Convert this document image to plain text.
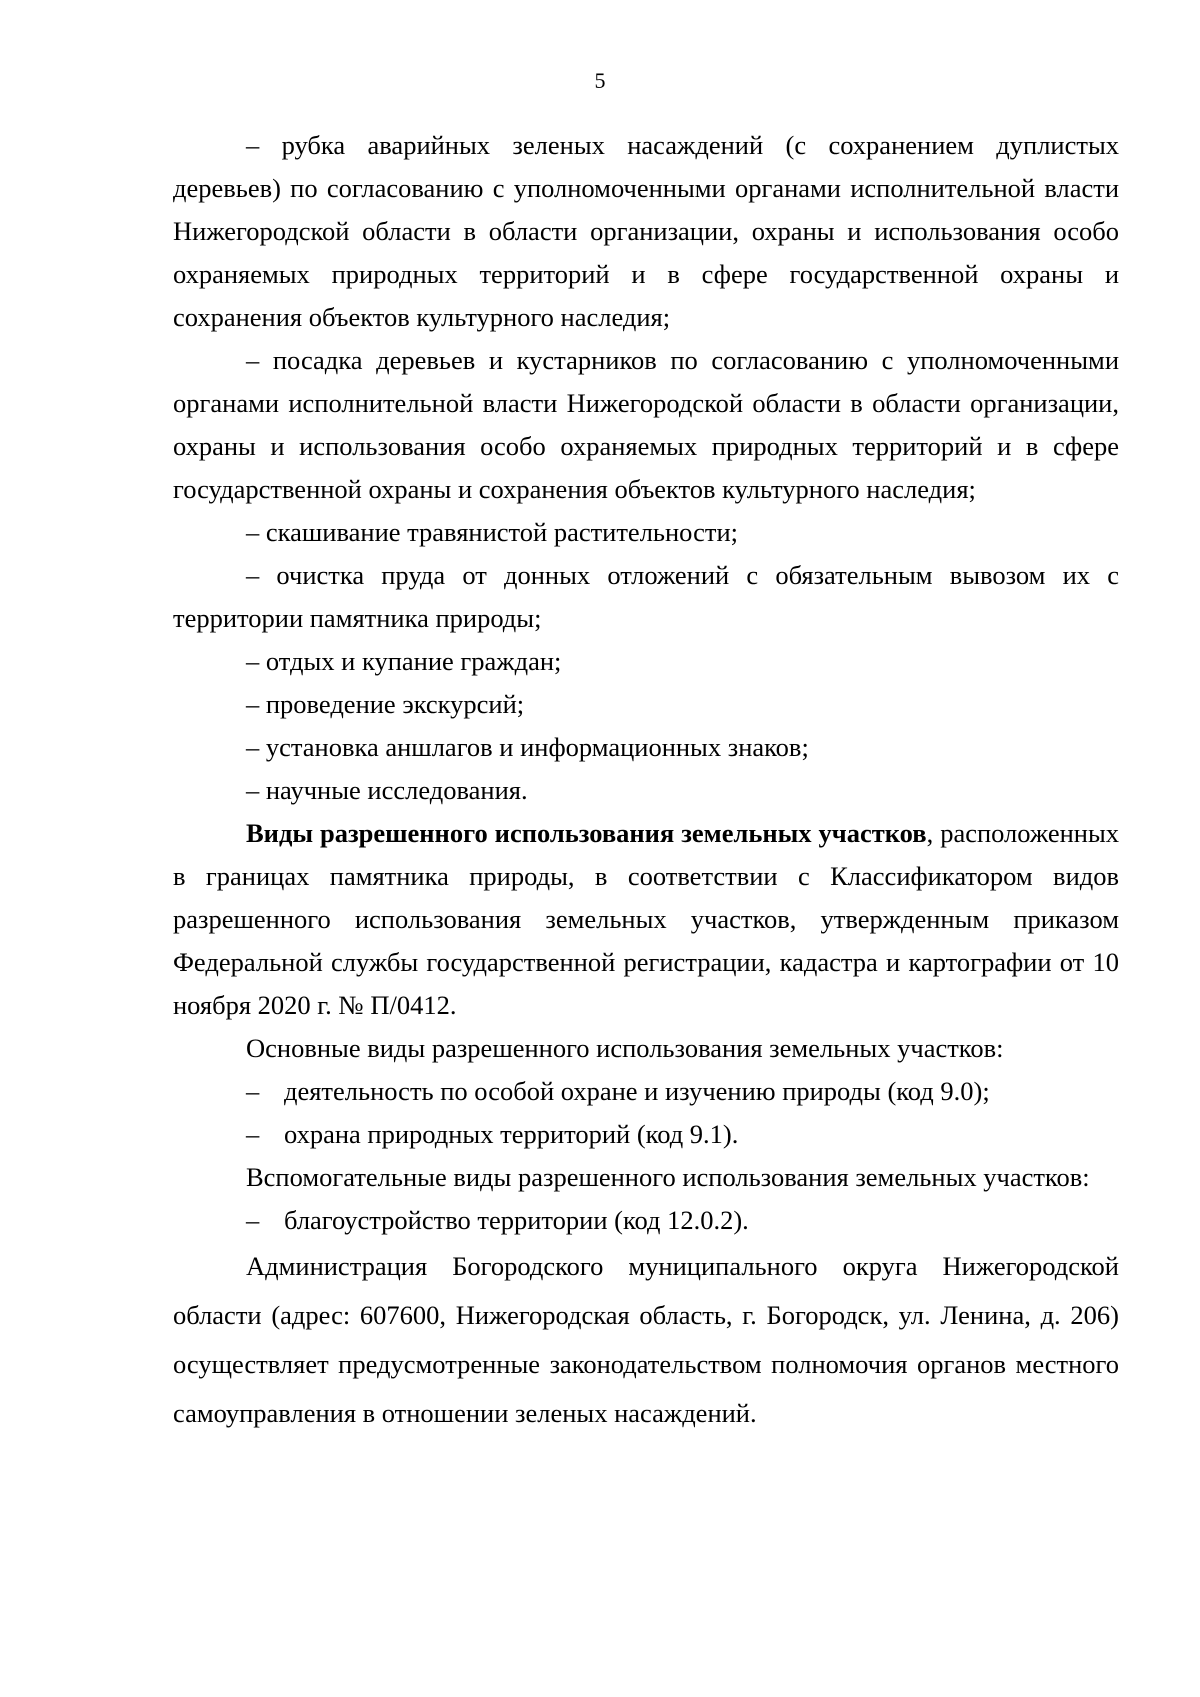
5

– рубка аварийных зеленых насаждений (с сохранением дуплистых деревьев) по согласованию с уполномоченными органами исполнительной власти Нижегородской области в области организации, охраны и использования особо охраняемых природных территорий и в сфере государственной охраны и сохранения объектов культурного наследия;

– посадка деревьев и кустарников по согласованию с уполномоченными органами исполнительной власти Нижегородской области в области организации, охраны и использования особо охраняемых природных территорий и в сфере государственной охраны и сохранения объектов культурного наследия;

– скашивание травянистой растительности;

– очистка пруда от донных отложений с обязательным вывозом их с территории памятника природы;

– отдых и купание граждан;

– проведение экскурсий;

– установка аншлагов и информационных знаков;

– научные исследования.

Виды разрешенного использования земельных участков, расположенных в границах памятника природы, в соответствии с Классификатором видов разрешенного использования земельных участков, утвержденным приказом Федеральной службы государственной регистрации, кадастра и картографии от 10 ноября 2020 г. № П/0412.

Основные виды разрешенного использования земельных участков:

– деятельность по особой охране и изучению природы (код 9.0);
– охрана природных территорий (код 9.1).

Вспомогательные виды разрешенного использования земельных участков:

– благоустройство территории (код 12.0.2).

Администрация Богородского муниципального округа Нижегородской области (адрес: 607600, Нижегородская область, г. Богородск, ул. Ленина, д. 206) осуществляет предусмотренные законодательством полномочия органов местного самоуправления в отношении зеленых насаждений.
